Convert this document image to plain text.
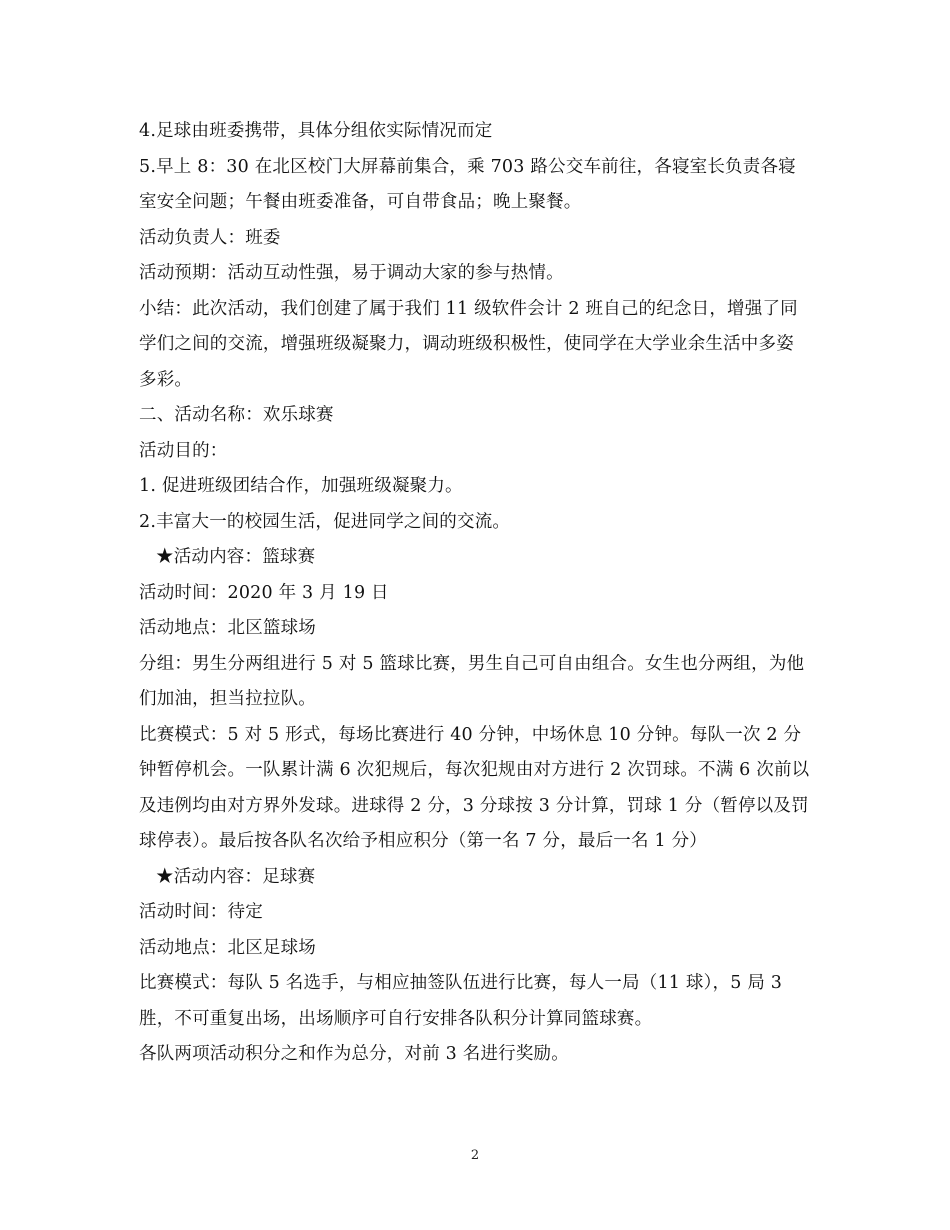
4.足球由班委携带，具体分组依实际情况而定

5.早上 8：30 在北区校门大屏幕前集合，乘 703 路公交车前往，各寝室长负责各寝室安全问题；午餐由班委准备，可自带食品；晚上聚餐。

活动负责人：班委

活动预期：活动互动性强，易于调动大家的参与热情。

小结：此次活动，我们创建了属于我们 11 级软件会计 2 班自己的纪念日，增强了同学们之间的交流，增强班级凝聚力，调动班级积极性，使同学在大学业余生活中多姿多彩。

二、活动名称：欢乐球赛

活动目的：

1. 促进班级团结合作，加强班级凝聚力。

2.丰富大一的校园生活，促进同学之间的交流。

★活动内容：篮球赛

活动时间：2020 年 3 月 19 日

活动地点：北区篮球场

分组：男生分两组进行 5 对 5 篮球比赛，男生自己可自由组合。女生也分两组，为他们加油，担当拉拉队。

比赛模式：5 对 5 形式，每场比赛进行 40 分钟，中场休息 10 分钟。每队一次 2 分钟暂停机会。一队累计满 6 次犯规后，每次犯规由对方进行 2 次罚球。不满 6 次前以及违例均由对方界外发球。进球得 2 分，3 分球按 3 分计算，罚球 1 分（暂停以及罚球停表）。最后按各队名次给予相应积分（第一名 7 分，最后一名 1 分）

★活动内容：足球赛

活动时间：待定

活动地点：北区足球场

比赛模式：每队 5 名选手，与相应抽签队伍进行比赛，每人一局（11 球），5 局 3 胜，不可重复出场，出场顺序可自行安排各队积分计算同篮球赛。

各队两项活动积分之和作为总分，对前 3 名进行奖励。

2
